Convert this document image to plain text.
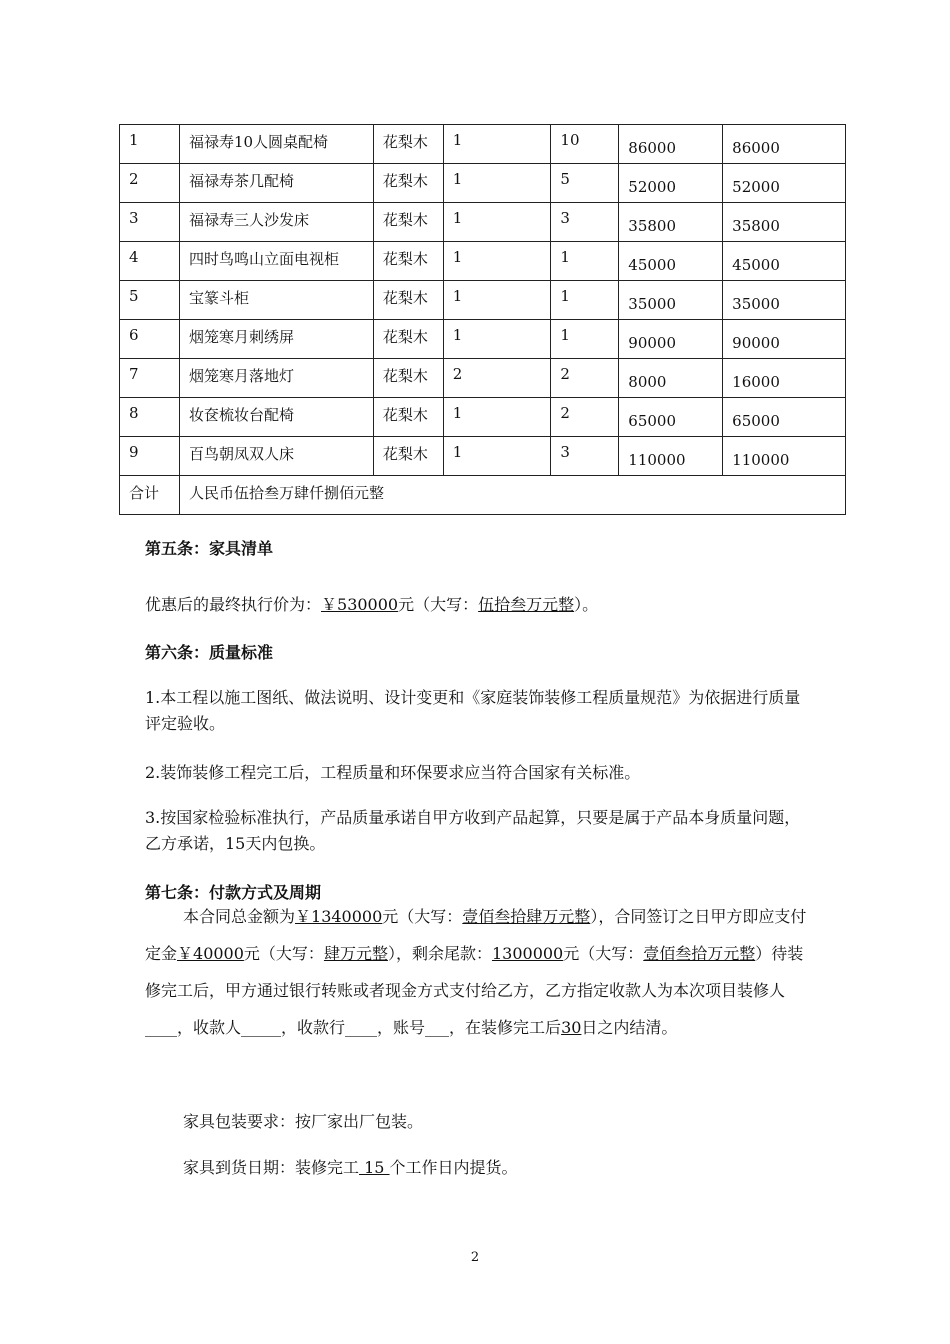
1	福禄寿10人圆桌配椅	花梨木	1	10	86000	86000
2	福禄寿茶几配椅	花梨木	1	5	52000	52000
3	福禄寿三人沙发床	花梨木	1	3	35800	35800
4	四时鸟鸣山立面电视柜	花梨木	1	1	45000	45000
5	宝篆斗柜	花梨木	1	1	35000	35000
6	烟笼寒月刺绣屏	花梨木	1	1	90000	90000
7	烟笼寒月落地灯	花梨木	2	2	8000	16000
8	妆奁梳妆台配椅	花梨木	1	2	65000	65000
9	百鸟朝凤双人床	花梨木	1	3	110000	110000
合计	人民币伍拾叁万肆仟捌佰元整					
第五条：家具清单
优惠后的最终执行价为：￥530000元（大写：伍拾叁万元整）。
第六条：质量标准
1.本工程以施工图纸、做法说明、设计变更和《家庭装饰装修工程质量规范》为依据进行质量评定验收。
2.装饰装修工程完工后，工程质量和环保要求应当符合国家有关标准。
3.按国家检验标准执行，产品质量承诺自甲方收到产品起算，只要是属于产品本身质量问题，乙方承诺，15天内包换。
第七条：付款方式及周期
本合同总金额为￥1340000元（大写：壹佰叁拾肆万元整），合同签订之日甲方即应支付定金￥40000元（大写：肆万元整），剩余尾款：1300000元（大写：壹佰叁拾万元整）待装修完工后，甲方通过银行转账或者现金方式支付给乙方，乙方指定收款人为本次项目装修人____，收款人_____，收款行____，账号___，在装修完工后30日之内结清。
家具包装要求：按厂家出厂包装。
家具到货日期：装修完工 15 个工作日内提货。
2
